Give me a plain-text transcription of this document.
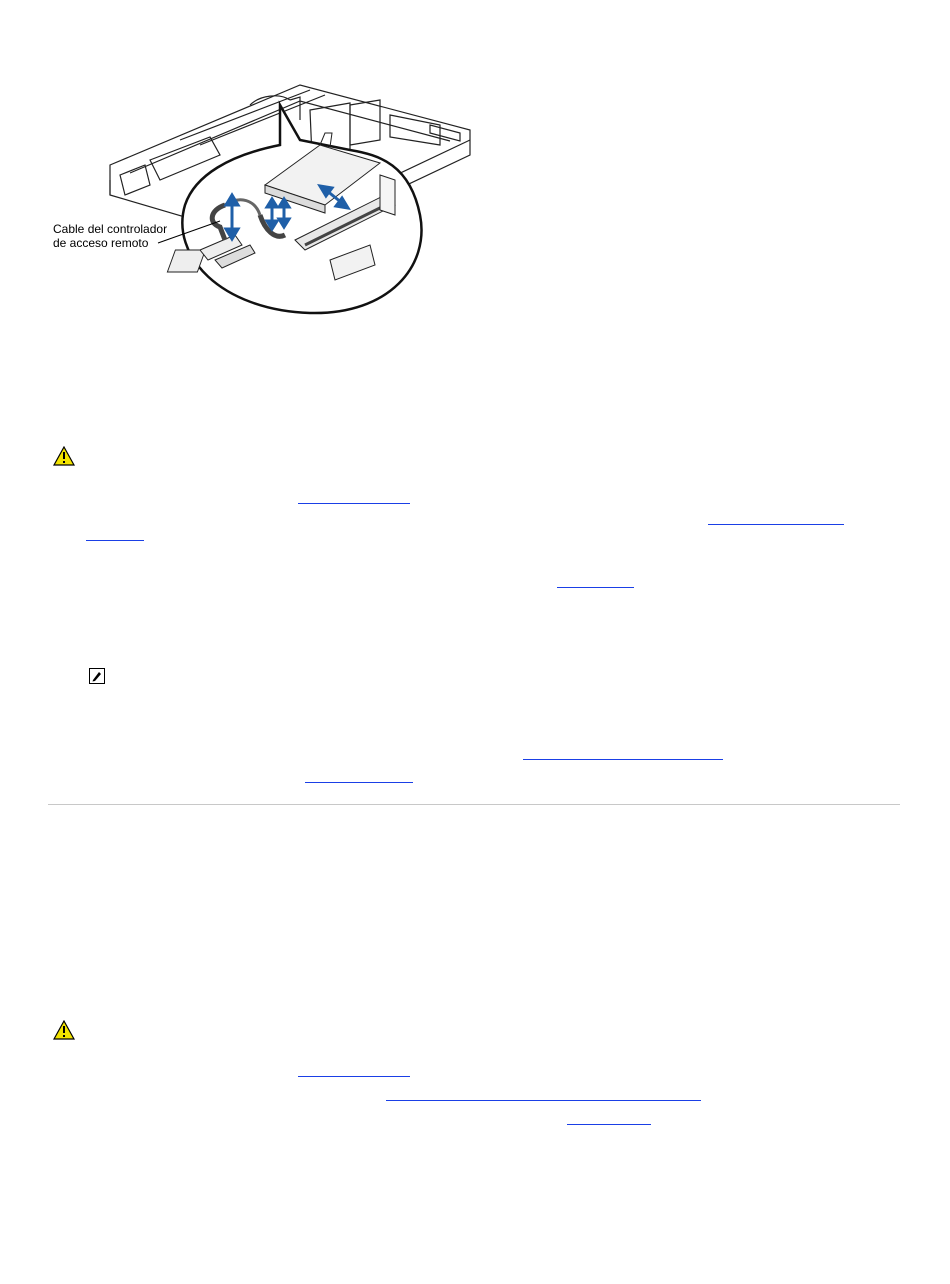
Cable del controlador
de acceso remoto
